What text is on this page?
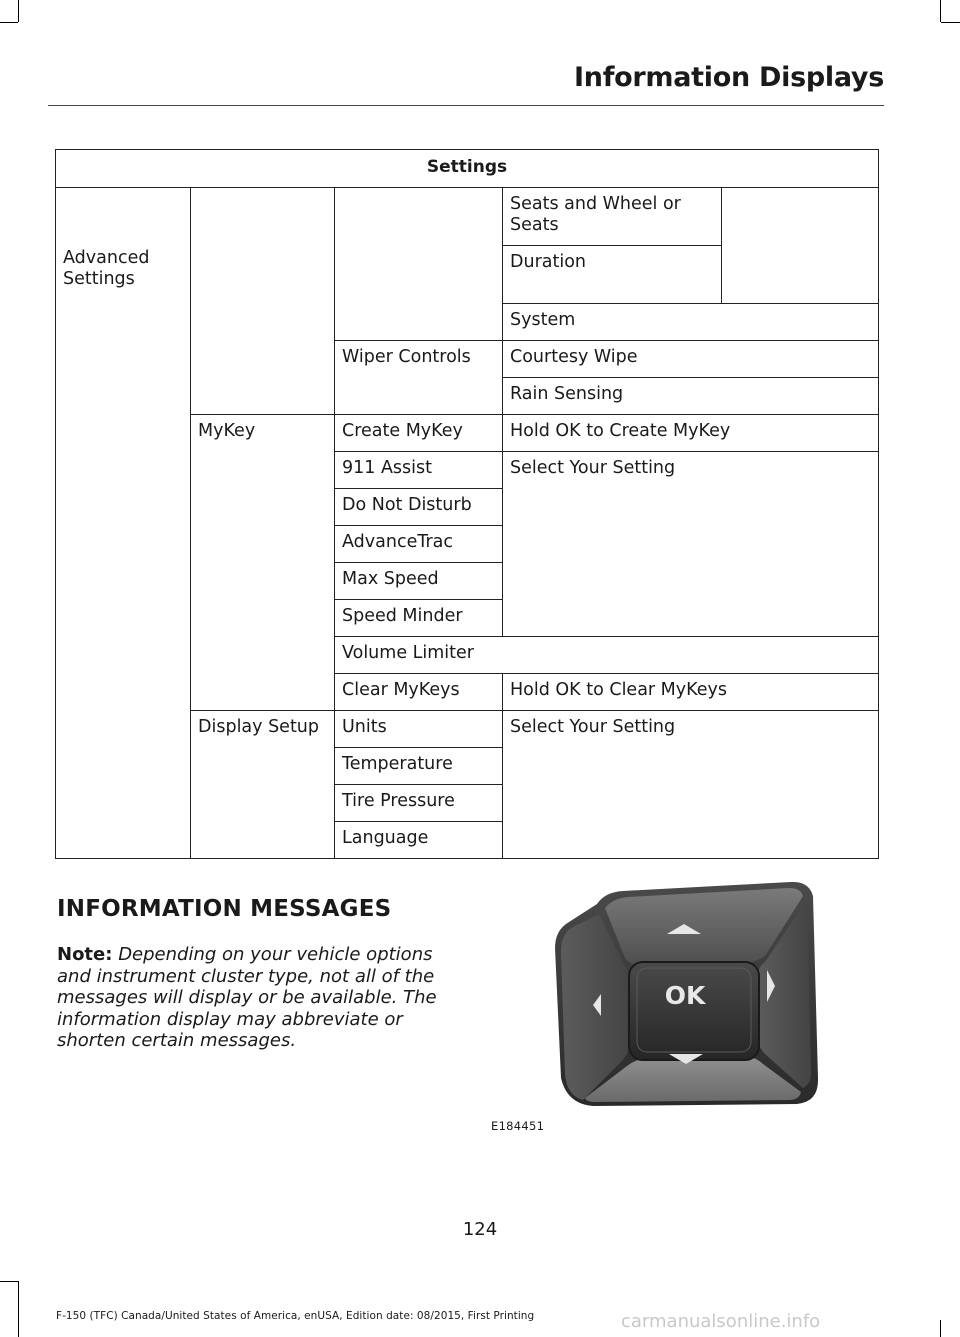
Information Displays
Settings				
Advanced Settings			Seats and Wheel or Seats	
			Duration	
			System	
		Wiper Controls	Courtesy Wipe	
			Rain Sensing	

	MyKey	Create MyKey	Hold OK to Create MyKey	
		911 Assist	Select Your Setting	
		Do Not Disturb		
		AdvanceTrac		
		Max Speed		
		Speed Minder		
		Volume Limiter		
		Clear MyKeys	Hold OK to Clear MyKeys	
	Display Setup	Units	Select Your Setting	
		Temperature		
		Tire Pressure		
		Language		
INFORMATION MESSAGES
Note: Depending on your vehicle options and instrument cluster type, not all of the messages will display or be available. The information display may abbreviate or shorten certain messages.
OK
E184451
124
F-150 (TFC) Canada/United States of America, enUSA, Edition date: 08/2015, First Printing	carmanualsonline.info
